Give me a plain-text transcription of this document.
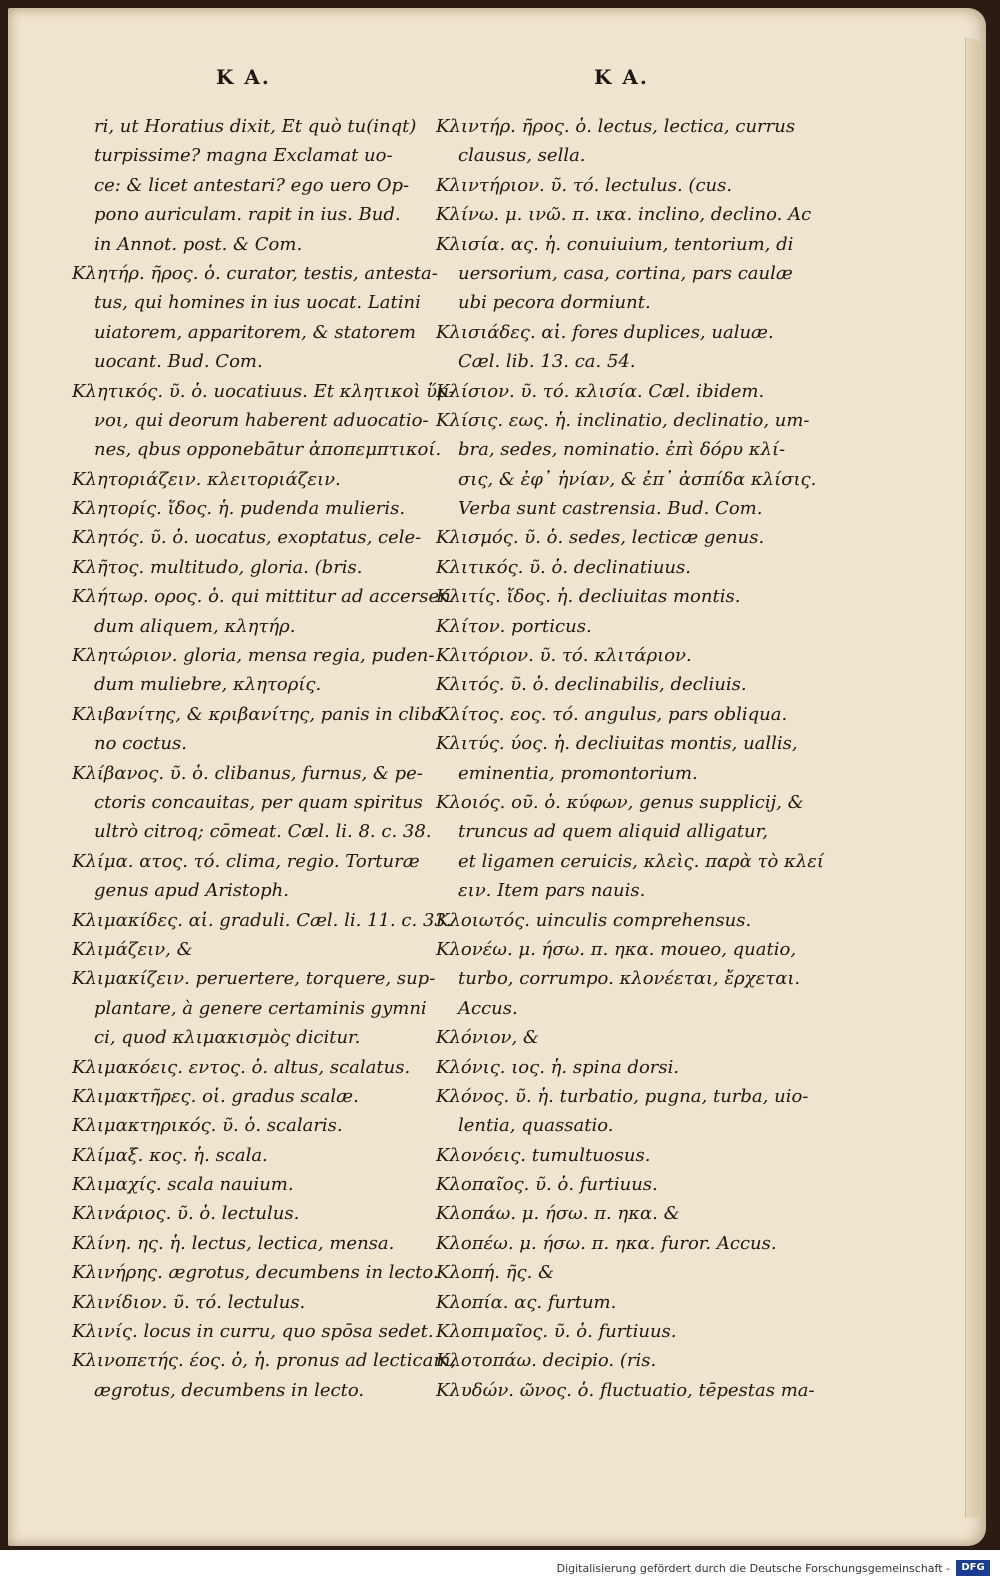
K A.	K A.
ri, ut Horatius dixit, Et quò tu(inqt)
turpissime? magna Exclamat uo-
ce: & licet antestari? ego uero Op-
pono auriculam. rapit in ius. Bud.
in Annot. post. & Com.
Κλητήρ. ῆρος. ὁ. curator, testis, antesta-
tus, qui homines in ius uocat. Latini
uiatorem, apparitorem, & statorem
uocant. Bud. Com.
Κλητικός. ῦ. ὁ. uocatiuus. Et κλητικοὶ ὕμ-
νοι, qui deorum haberent aduocatio-
nes, qbus opponebātur ἀποπεμπτικοί.
Κλητοριάζειν. κλειτοριάζειν.
Κλητορίς. ἴδος. ἡ. pudenda mulieris.
Κλητός. ῦ. ὁ. uocatus, exoptatus, cele-
Κλῆτος. multitudo, gloria. (bris.
Κλήτωρ. ορος. ὁ. qui mittitur ad accersen
dum aliquem, κλητήρ.
Κλητώριον. gloria, mensa regia, puden-
dum muliebre, κλητορίς.
Κλιβανίτης, & κριβανίτης, panis in cliba
no coctus.
Κλίβανος. ῦ. ὁ. clibanus, furnus, & pe-
ctoris concauitas, per quam spiritus
ultrò citroq; cōmeat. Cæl. li. 8. c. 38.
Κλίμα. ατος. τό. clima, regio. Torturæ
genus apud Aristoph.
Κλιμακίδες. αἱ. graduli. Cæl. li. 11. c. 33.
Κλιμάζειν, &
Κλιμακίζειν. peruertere, torquere, sup-
plantare, à genere certaminis gymni
ci, quod κλιμακισμὸς dicitur.
Κλιμακόεις. εντος. ὁ. altus, scalatus.
Κλιμακτῆρες. οἱ. gradus scalæ.
Κλιμακτηρικός. ῦ. ὁ. scalaris.
Κλίμαξ. κος. ἡ. scala.
Κλιμαχίς. scala nauium.
Κλινάριος. ῦ. ὁ. lectulus.
Κλίνη. ης. ἡ. lectus, lectica, mensa.
Κλινήρης. ægrotus, decumbens in lecto.
Κλινίδιον. ῦ. τό. lectulus.
Κλινίς. locus in curru, quo spōsa sedet.
Κλινοπετής. έος. ὁ, ἡ. pronus ad lecticam,
ægrotus, decumbens in lecto.
Κλιντήρ. ῆρος. ὁ. lectus, lectica, currus
clausus, sella.
Κλιντήριον. ῦ. τό. lectulus. (cus.
Κλίνω. μ. ινῶ. π. ικα. inclino, declino. Ac
Κλισία. ας. ἡ. conuiuium, tentorium, di
uersorium, casa, cortina, pars caulæ
ubi pecora dormiunt.
Κλισιάδες. αἱ. fores duplices, ualuæ.
Cæl. lib. 13. ca. 54.
Κλίσιον. ῦ. τό. κλισία. Cæl. ibidem.
Κλίσις. εως. ἡ. inclinatio, declinatio, um-
bra, sedes, nominatio. ἐπὶ δόρυ κλί-
σις, & ἐφ᾽ ἡνίαν, & ἐπ᾽ ἀσπίδα κλίσις.
Verba sunt castrensia. Bud. Com.
Κλισμός. ῦ. ὁ. sedes, lecticæ genus.
Κλιτικός. ῦ. ὁ. declinatiuus.
Κλιτίς. ἴδος. ἡ. decliuitas montis.
Κλίτον. porticus.
Κλιτόριον. ῦ. τό. κλιτάριον.
Κλιτός. ῦ. ὁ. declinabilis, decliuis.
Κλίτος. εος. τό. angulus, pars obliqua.
Κλιτύς. ύος. ἡ. decliuitas montis, uallis,
eminentia, promontorium.
Κλοιός. οῦ. ὁ. κύφων, genus supplicij, &
truncus ad quem aliquid alligatur,
et ligamen ceruicis, κλεὶς. παρὰ τὸ κλεί
ειν. Item pars nauis.
Κλοιωτός. uinculis comprehensus.
Κλονέω. μ. ήσω. π. ηκα. moueo, quatio,
turbo, corrumpo. κλονέεται, ἔρχεται.
Accus.
Κλόνιον, &
Κλόνις. ιος. ἡ. spina dorsi.
Κλόνος. ῦ. ἡ. turbatio, pugna, turba, uio-
lentia, quassatio.
Κλονόεις. tumultuosus.
Κλοπαῖος. ῦ. ὁ. furtiuus.
Κλοπάω. μ. ήσω. π. ηκα. &
Κλοπέω. μ. ήσω. π. ηκα. furor. Accus.
Κλοπή. ῆς. &
Κλοπία. ας. furtum.
Κλοπιμαῖος. ῦ. ὁ. furtiuus.
Κλοτοπάω. decipio. (ris.
Κλυδών. ῶνος. ὁ. fluctuatio, tēpestas ma-
Digitalisierung gefördert durch die Deutsche Forschungsgemeinschaft -	DFG
